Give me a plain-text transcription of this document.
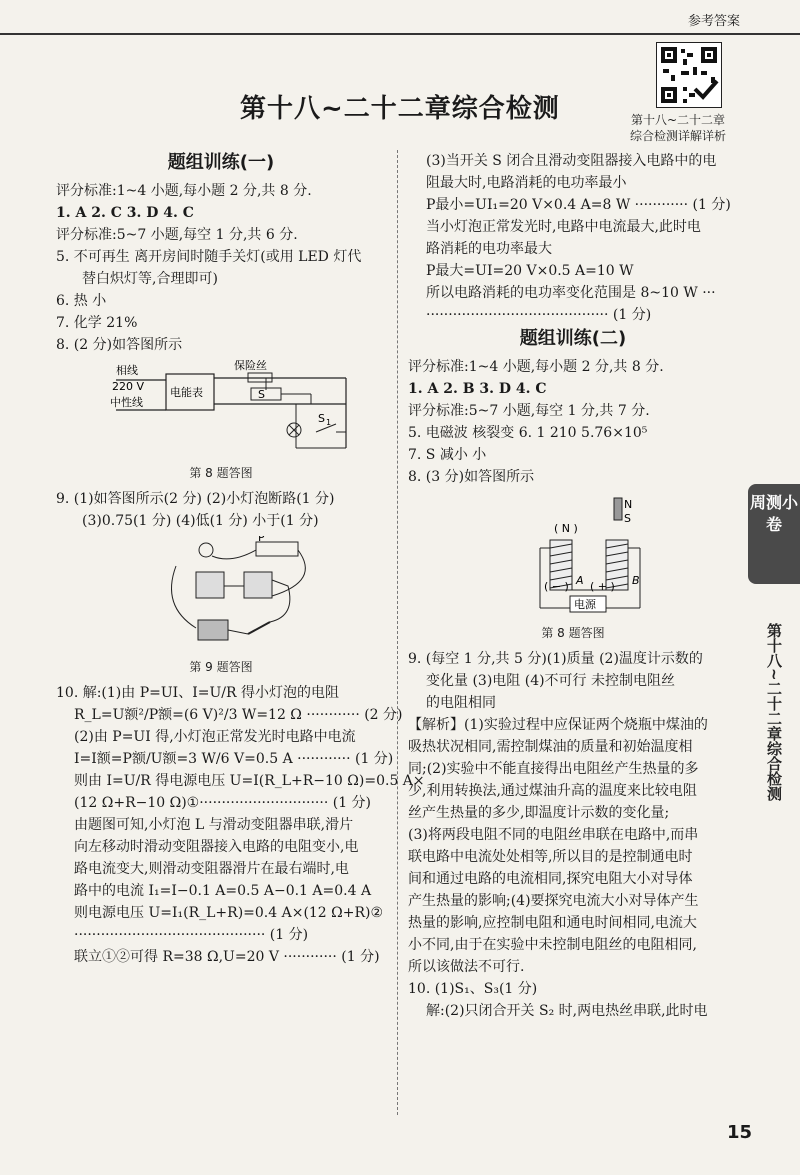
参考答案
第十八~二十二章
综合检测详解详析
第十八~二十二章综合检测
题组训练(一)

评分标准:1~4 小题,每小题 2 分,共 8 分.

1. A 2. C 3. D 4. C

评分标准:5~7 小题,每空 1 分,共 6 分.

5. 不可再生 离开房间时随手关灯(或用 LED 灯代

替白炽灯等,合理即可)

6. 热 小

7. 化学 21%

8. (2 分)如答图所示

相线
220 V
中性线
电能表
保险丝
S
S 1

第 8 题答图

9. (1)如答图所示(2 分) (2)小灯泡断路(1 分)

(3)0.75(1 分) (4)低(1 分) 小于(1 分)

P

第 9 题答图

10. 解:(1)由 P=UI、I=U/R 得小灯泡的电阻

R_L=U额²/P额=(6 V)²/3 W=12 Ω ············ (2 分)

(2)由 P=UI 得,小灯泡正常发光时电路中电流

I=I额=P额/U额=3 W/6 V=0.5 A ············ (1 分)

则由 I=U/R 得电源电压 U=I(R_L+R−10 Ω)=0.5 A×

(12 Ω+R−10 Ω)①····························· (1 分)

由题图可知,小灯泡 L 与滑动变阻器串联,滑片

向左移动时滑动变阻器接入电路的电阻变小,电

路电流变大,则滑动变阻器滑片在最右端时,电

路中的电流 I₁=I−0.1 A=0.5 A−0.1 A=0.4 A

则电源电压 U=I₁(R_L+R)=0.4 A×(12 Ω+R)②

··········································· (1 分)

联立①②可得 R=38 Ω,U=20 V ············ (1 分)

(3)当开关 S 闭合且滑动变阻器接入电路中的电

阻最大时,电路消耗的电功率最小

P最小=UI₁=20 V×0.4 A=8 W ············ (1 分)

当小灯泡正常发光时,电路中电流最大,此时电

路消耗的电功率最大

P最大=UI=20 V×0.5 A=10 W

所以电路消耗的电功率变化范围是 8~10 W ···

········································· (1 分)

题组训练(二)

评分标准:1~4 小题,每小题 2 分,共 8 分.

1. A 2. B 3. D 4. C

评分标准:5~7 小题,每空 1 分,共 7 分.

5. 电磁波 核裂变 6. 1 210 5.76×10⁵

7. S 减小 小

8. (3 分)如答图所示

N
S
( N )
( − ) A ( + ) B
电源

第 8 题答图

9. (每空 1 分,共 5 分)(1)质量 (2)温度计示数的

变化量 (3)电阻 (4)不可行 未控制电阻丝

的电阻相同

【解析】(1)实验过程中应保证两个烧瓶中煤油的

吸热状况相同,需控制煤油的质量和初始温度相

同;(2)实验中不能直接得出电阻丝产生热量的多

少,利用转换法,通过煤油升高的温度来比较电阻

丝产生热量的多少,即温度计示数的变化量;

(3)将两段电阻不同的电阻丝串联在电路中,而串

联电路中电流处处相等,所以目的是控制通电时

间和通过电路的电流相同,探究电阻大小对导体

产生热量的影响;(4)要探究电流大小对导体产生

热量的影响,应控制电阻和通电时间相同,电流大

小不同,由于在实验中未控制电阻丝的电阻相同,

所以该做法不可行.

10. (1)S₁、S₃(1 分)

解:(2)只闭合开关 S₂ 时,两电热丝串联,此时电

周测小卷
第十八~二十二章综合检测
15
